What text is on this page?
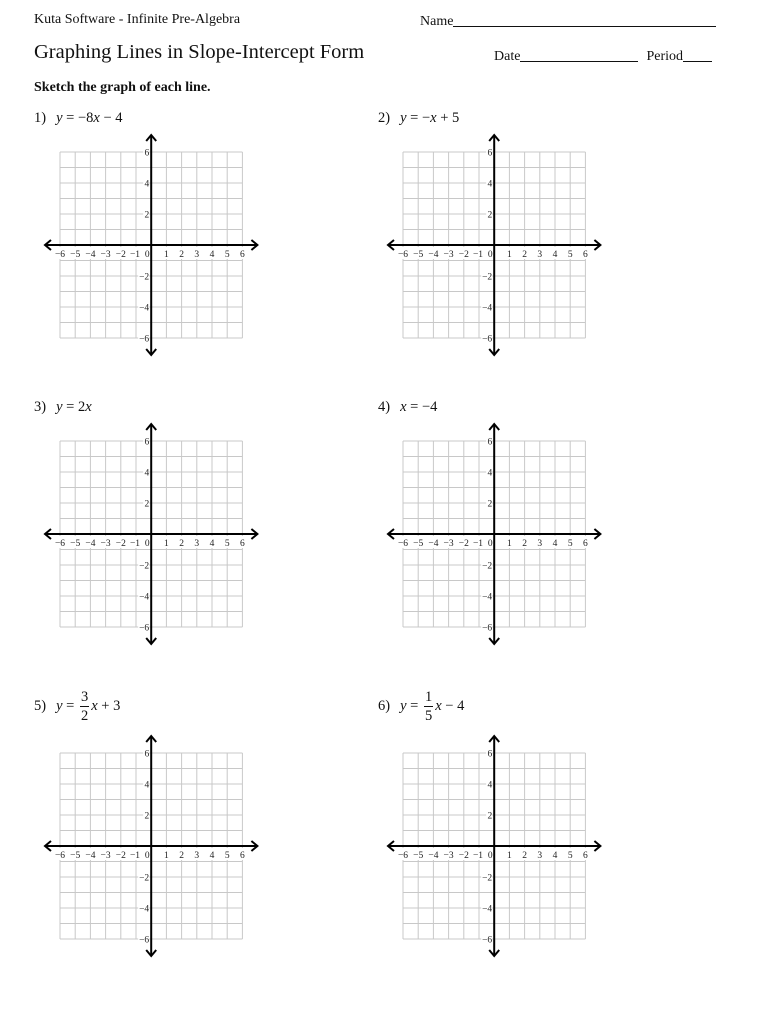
Kuta Software - Infinite Pre-Algebra
Graphing Lines in Slope-Intercept Form
Sketch the graph of each line.
Name
Date	Period
1) y = −8 x − 4	2) y = − x + 5
3) y = 2 x	4) x = −4
5) $y = \frac{3}{2}$ x + 3	6) $y = \frac{1}{5}$ x − 4
−6 −5 −4 −3 −2 −1 0 1 2 3 4 5 6
6
4
2
−2
−4
−6
−6 −5 −4 −3 −2 −1 0 1 2 3 4 5 6
6
4
2
−2
−4
−6
−6 −5 −4 −3 −2 −1 0 1 2 3 4 5 6
6
4
2
−2
−4
−6
−6 −5 −4 −3 −2 −1 0 1 2 3 4 5 6
6
4
2
−2
−4
−6
−6 −5 −4 −3 −2 −1 0 1 2 3 4 5 6
6
4
2
−2
−4
−6
−6 −5 −4 −3 −2 −1 0 1 2 3 4 5 6
6
4
2
−2
−4
−6
